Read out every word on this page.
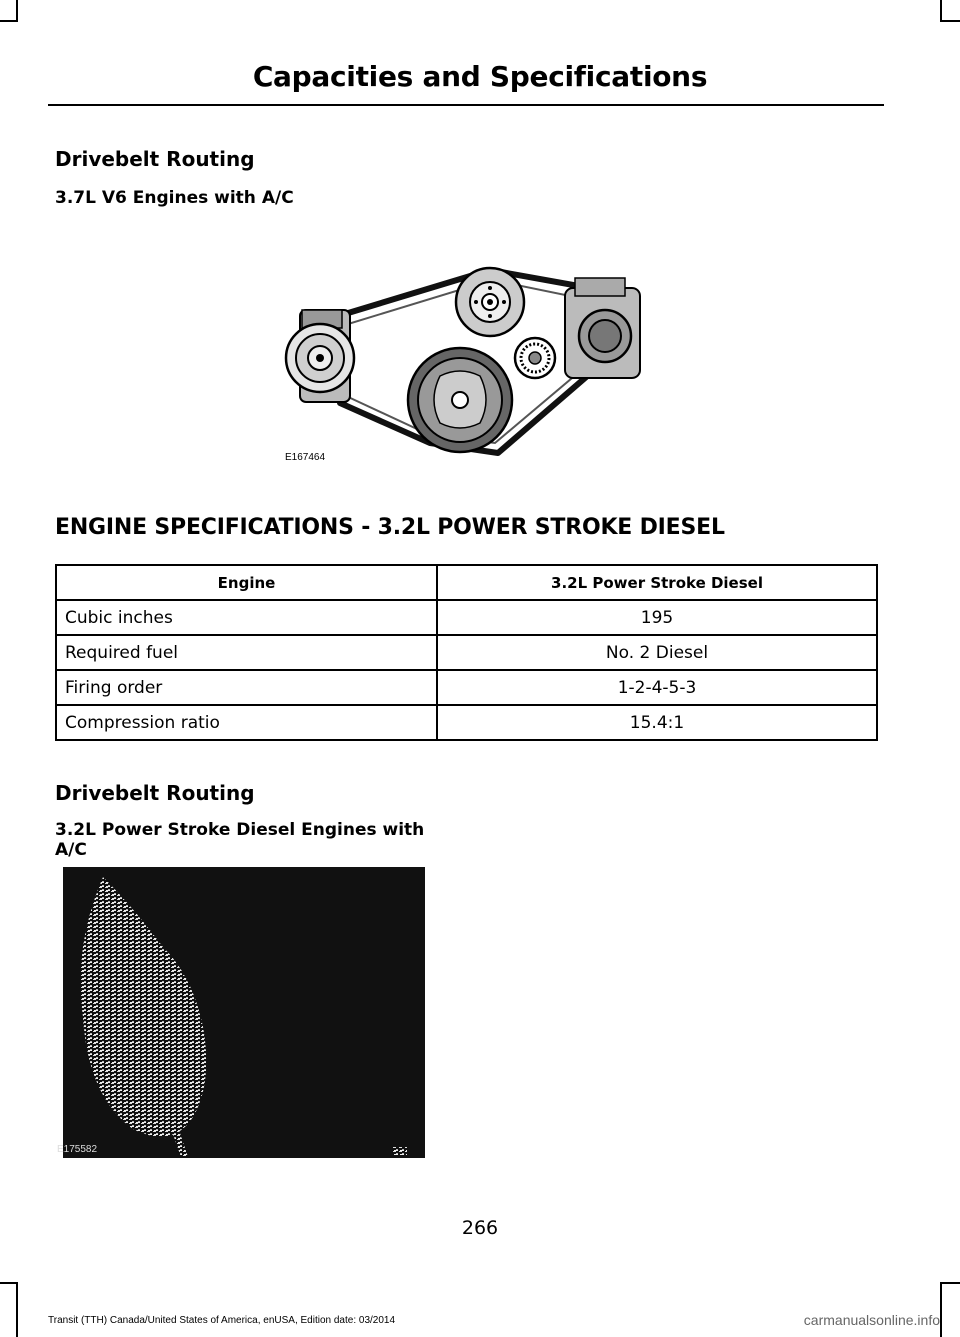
Capacities and Specifications
Drivebelt Routing
3.7L V6 Engines with A/C
E167464
ENGINE SPECIFICATIONS - 3.2L POWER STROKE DIESEL
Engine	3.2L Power Stroke Diesel
Cubic inches	195
Required fuel	No. 2 Diesel
Firing order	1-2-4-5-3
Compression ratio	15.4:1
Drivebelt Routing
3.2L Power Stroke Diesel Engines with
A/C
E175582
266
Transit (TTH) Canada/United States of America, enUSA, Edition date: 03/2014	carmanualsonline.info
